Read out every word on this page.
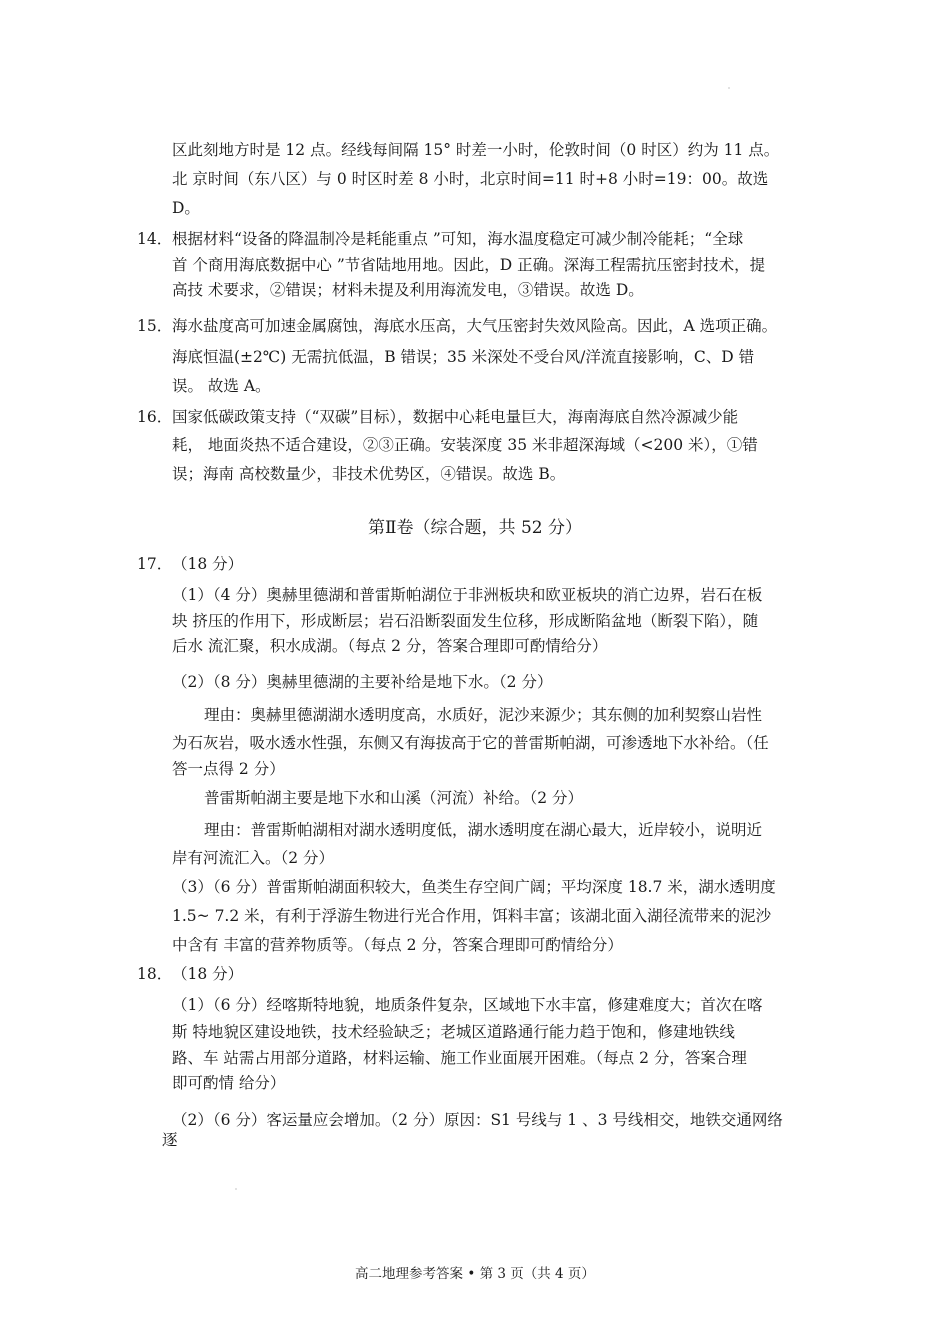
区此刻地方时是 12 点。经线每间隔 15° 时差一小时，伦敦时间（0 时区）约为 11 点。
北 京时间（东八区）与 0 时区时差 8 小时，北京时间=11 时+8 小时=19：00。故选
D。
14． 根据材料“设备的降温制冷是耗能重点 ”可知，海水温度稳定可减少制冷能耗；“全球
首 个商用海底数据中心 ”节省陆地用地。因此，D 正确。深海工程需抗压密封技术，提
高技 术要求，②错误；材料未提及利用海流发电，③错误。故选 D。
15． 海水盐度高可加速金属腐蚀，海底水压高，大气压密封失效风险高。因此，A 选项正确。
海底恒温(±2℃) 无需抗低温，B 错误；35 米深处不受台风/洋流直接影响，C、D 错
误。 故选 A。
16． 国家低碳政策支持（“双碳”目标），数据中心耗电量巨大，海南海底自然冷源减少能
耗， 地面炎热不适合建设，②③正确。安装深度 35 米非超深海域（<200 米），①错
误；海南 高校数量少，非技术优势区，④错误。故选 B。
第Ⅱ卷（综合题，共 52 分）
17． （18 分）
（1）（4 分）奥赫里德湖和普雷斯帕湖位于非洲板块和欧亚板块的消亡边界，岩石在板
块 挤压的作用下，形成断层；岩石沿断裂面发生位移，形成断陷盆地（断裂下陷），随
后水 流汇聚，积水成湖。（每点 2 分，答案合理即可酌情给分）
（2）（8 分）奥赫里德湖的主要补给是地下水。（2 分）
理由：奥赫里德湖湖水透明度高，水质好，泥沙来源少；其东侧的加利契察山岩性
为石灰岩，吸水透水性强，东侧又有海拔高于它的普雷斯帕湖，可渗透地下水补给。（任
答一点得 2 分）
普雷斯帕湖主要是地下水和山溪（河流）补给。（2 分）
理由：普雷斯帕湖相对湖水透明度低，湖水透明度在湖心最大，近岸较小，说明近
岸有河流汇入。（2 分）
（3）（6 分）普雷斯帕湖面积较大，鱼类生存空间广阔；平均深度 18.7 米，湖水透明度
1.5~ 7.2 米，有利于浮游生物进行光合作用，饵料丰富；该湖北面入湖径流带来的泥沙
中含有 丰富的营养物质等。（每点 2 分，答案合理即可酌情给分）
18． （18 分）
（1）（6 分）经喀斯特地貌，地质条件复杂，区域地下水丰富，修建难度大；首次在喀
斯 特地貌区建设地铁，技术经验缺乏；老城区道路通行能力趋于饱和，修建地铁线
路、车 站需占用部分道路，材料运输、施工作业面展开困难。（每点 2 分，答案合理
即可酌情 给分）
（2）（6 分）客运量应会增加。（2 分）原因：S1 号线与 1 、3 号线相交，地铁交通网络
逐
高二地理参考答案 • 第 3 页（共 4 页）
